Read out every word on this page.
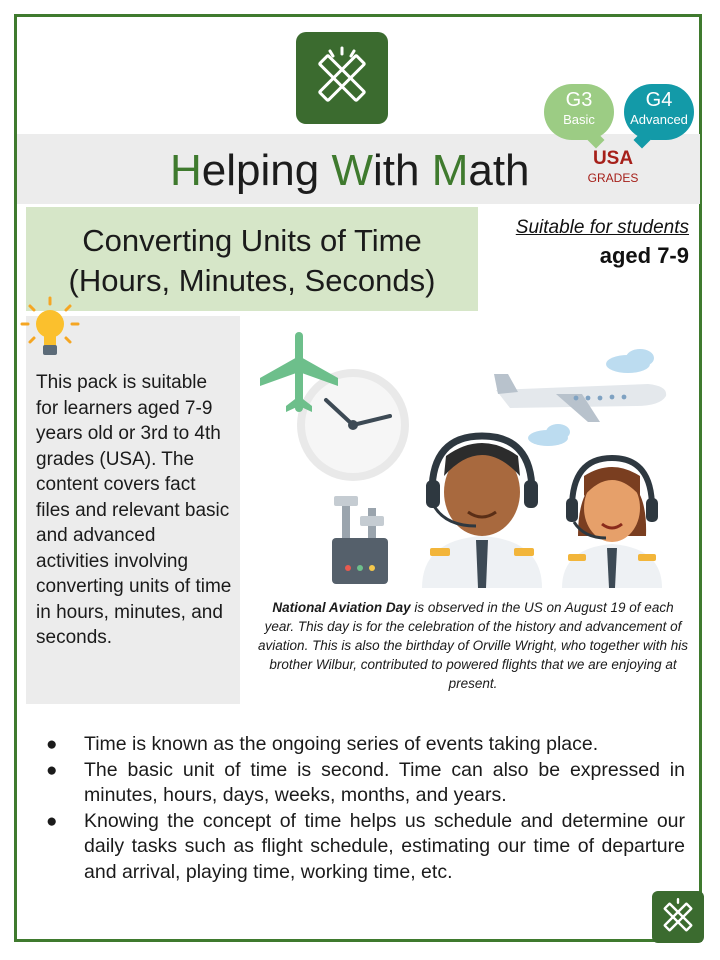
Helping With Math
G3
Basic
G4
Advanced
USA
GRADES
Converting Units of Time
(Hours, Minutes, Seconds)
Suitable for students
aged 7-9
This pack is suitable for learners aged 7-9 years old or 3rd to 4th grades (USA). The content covers fact files and relevant basic and advanced activities involving converting units of time in hours, minutes, and seconds.
National Aviation Day is observed in the US on August 19 of each year. This day is for the celebration of the history and advancement of aviation. This is also the birthday of Orville Wright, who together with his brother Wilbur, contributed to powered flights that we are enjoying at present.
● Time is known as the ongoing series of events taking place.
● The basic unit of time is second. Time can also be expressed in minutes, hours, days, weeks, months, and years.
● Knowing the concept of time helps us schedule and determine our daily tasks such as flight schedule, estimating our time of departure and arrival, playing time, working time, etc.
